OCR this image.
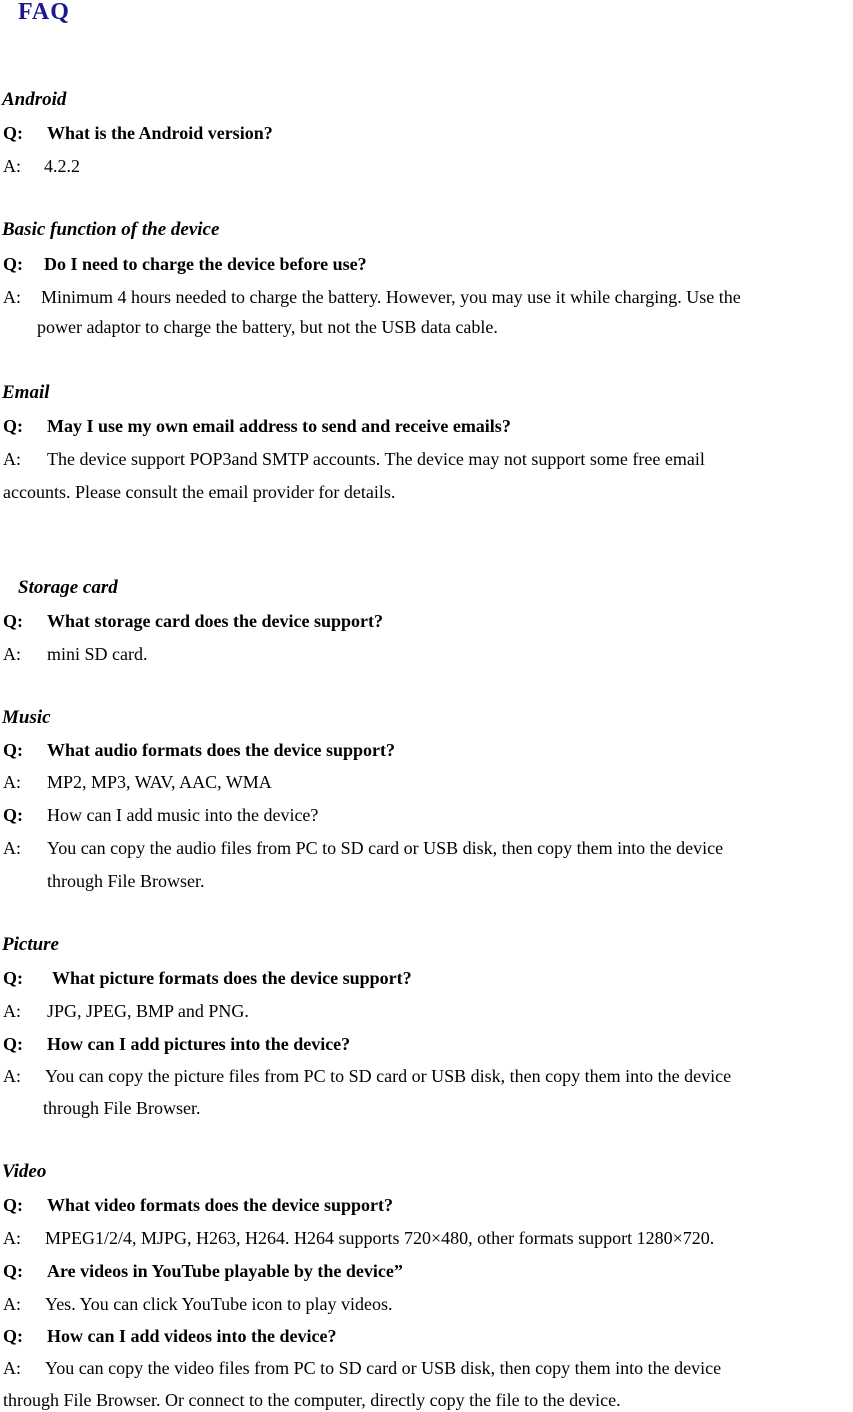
FAQ
Android
Q: What is the Android version?
A: 4.2.2
Basic function of the device
Q: Do I need to charge the device before use?
A: Minimum 4 hours needed to charge the battery. However, you may use it while charging. Use the
power adaptor to charge the battery, but not the USB data cable.
Email
Q: May I use my own email address to send and receive emails?
A: The device support POP3and SMTP accounts. The device may not support some free email
accounts. Please consult the email provider for details.
Storage card
Q: What storage card does the device support?
A: mini SD card.
Music
Q: What audio formats does the device support?
A: MP2, MP3, WAV, AAC, WMA
Q: How can I add music into the device?
A: You can copy the audio files from PC to SD card or USB disk, then copy them into the device
through File Browser.
Picture
Q: What picture formats does the device support?
A: JPG, JPEG, BMP and PNG.
Q: How can I add pictures into the device?
A: You can copy the picture files from PC to SD card or USB disk, then copy them into the device
through File Browser.
Video
Q: What video formats does the device support?
A: MPEG1/2/4, MJPG, H263, H264. H264 supports 720×480, other formats support 1280×720.
Q: Are videos in YouTube playable by the device”
A: Yes. You can click YouTube icon to play videos.
Q: How can I add videos into the device?
A: You can copy the video files from PC to SD card or USB disk, then copy them into the device
through File Browser. Or connect to the computer, directly copy the file to the device.
